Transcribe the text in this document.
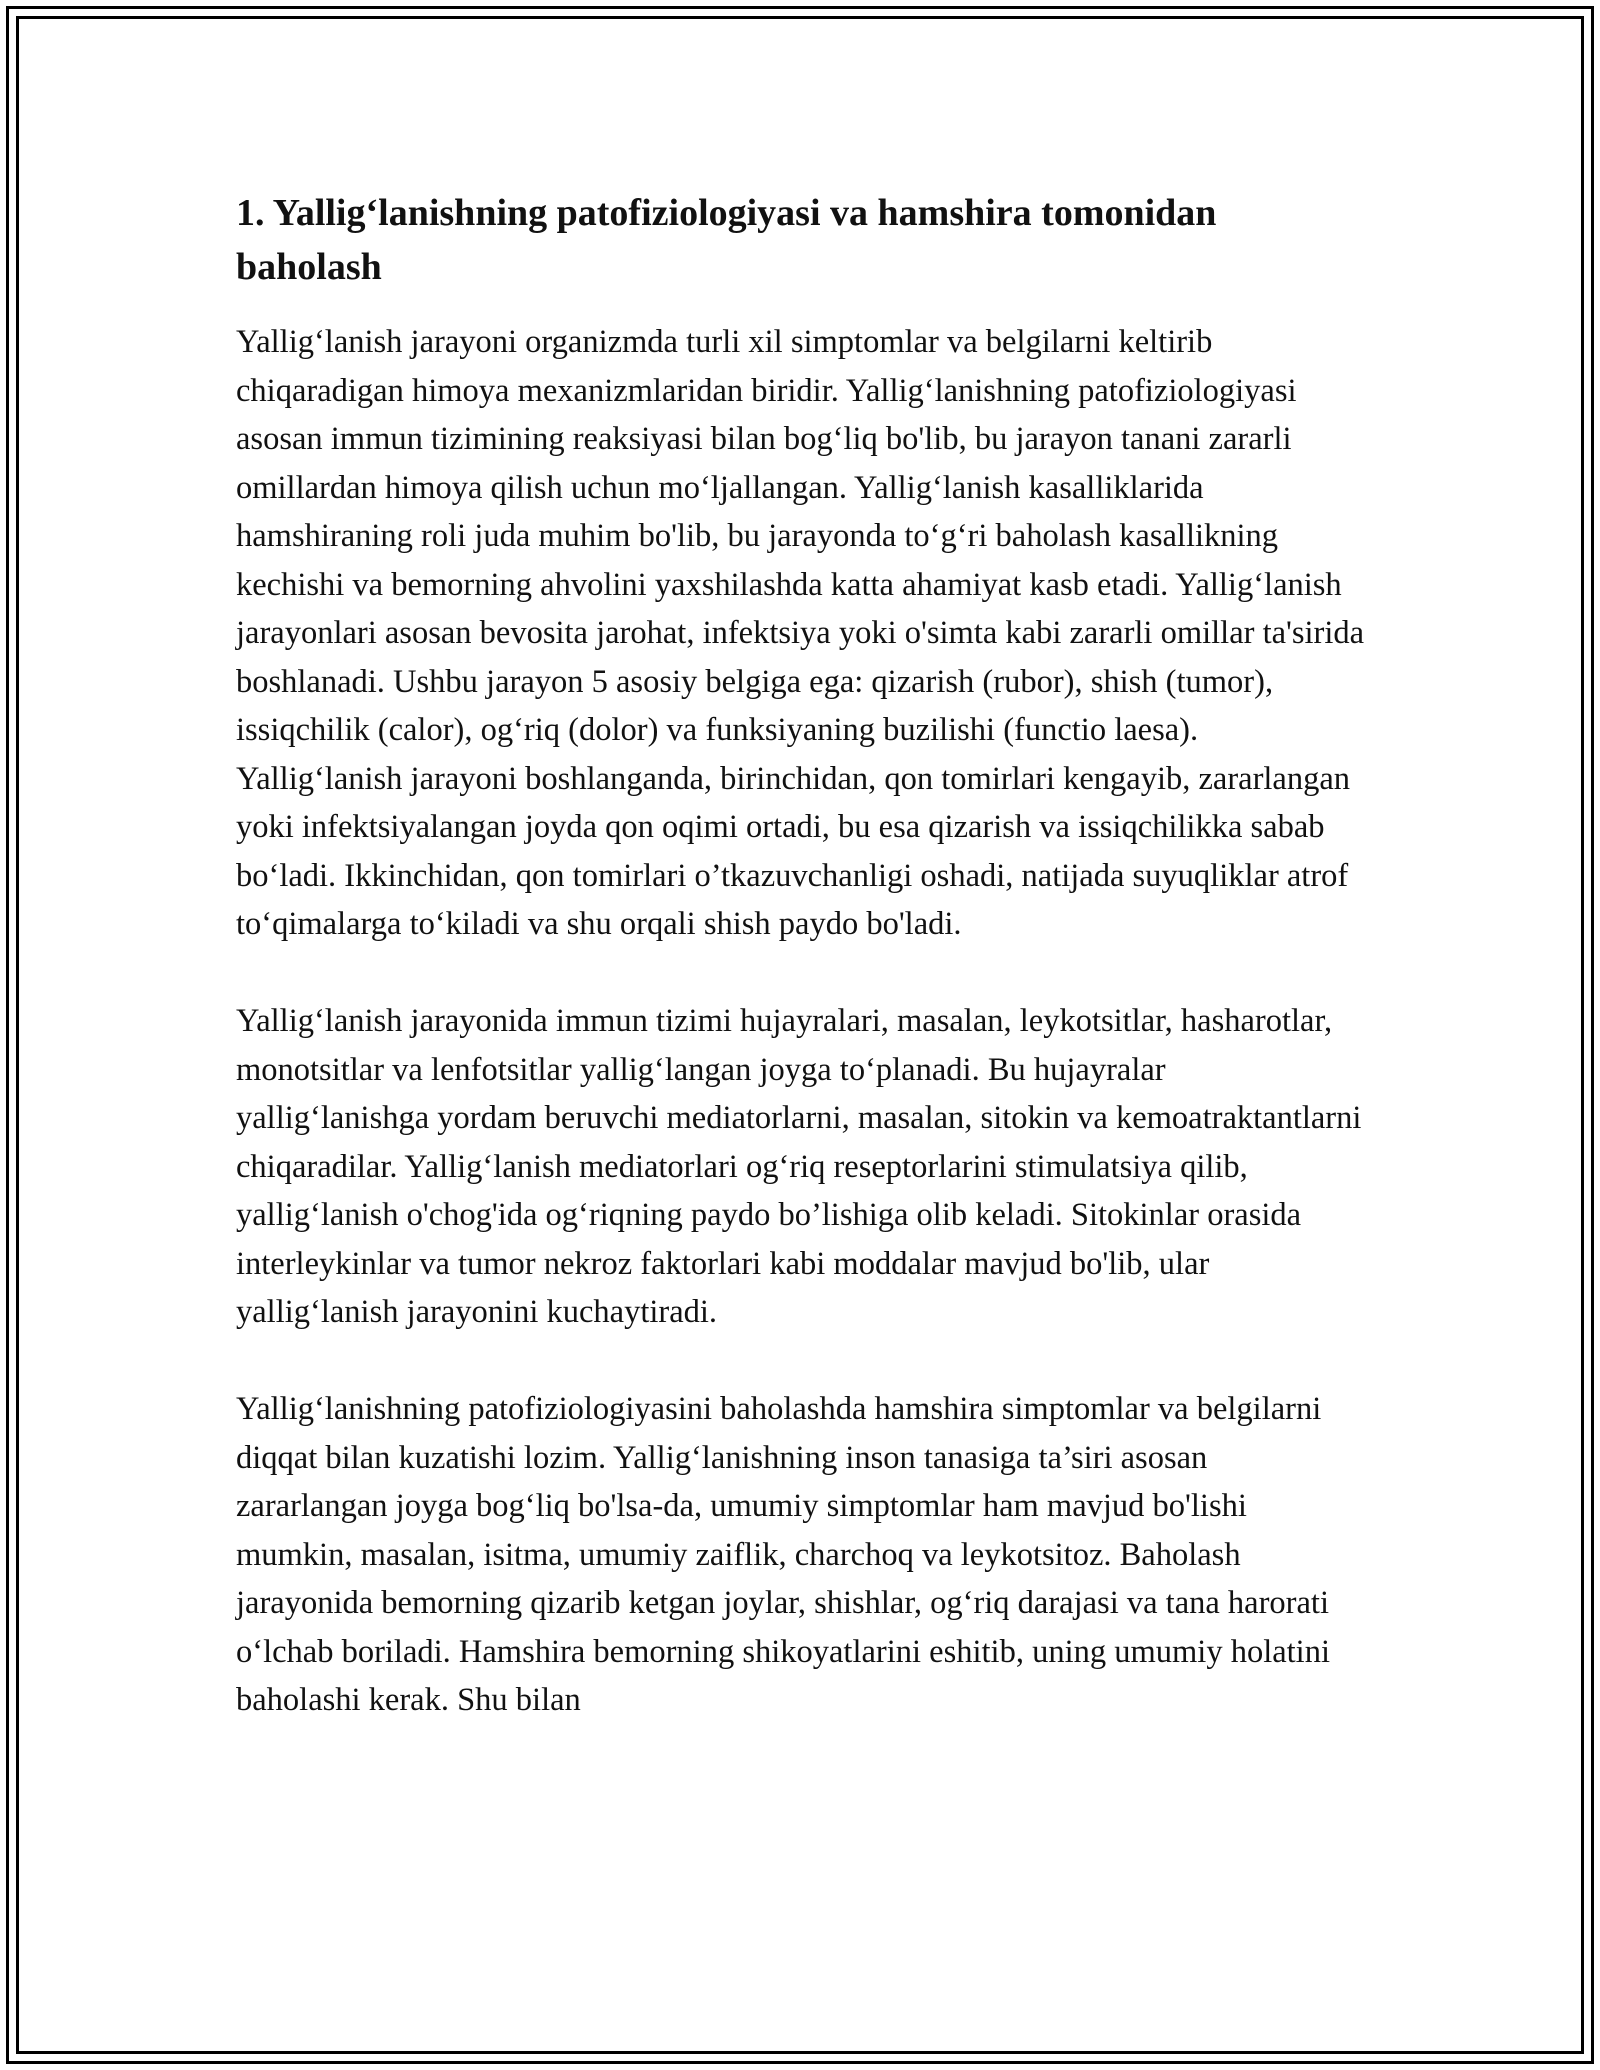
1. Yallig‘lanishning patofiziologiyasi va hamshira tomonidan baholash

Yallig‘lanish jarayoni organizmda turli xil simptomlar va belgilarni keltirib chiqaradigan himoya mexanizmlaridan biridir. Yallig‘lanishning patofiziologiyasi asosan immun tizimining reaksiyasi bilan bog‘liq bo'lib, bu jarayon tanani zararli omillardan himoya qilish uchun mo‘ljallangan. Yallig‘lanish kasalliklarida hamshiraning roli juda muhim bo'lib, bu jarayonda to‘g‘ri baholash kasallikning kechishi va bemorning ahvolini yaxshilashda katta ahamiyat kasb etadi. Yallig‘lanish jarayonlari asosan bevosita jarohat, infektsiya yoki o'simta kabi zararli omillar ta'sirida boshlanadi. Ushbu jarayon 5 asosiy belgiga ega: qizarish (rubor), shish (tumor), issiqchilik (calor), og‘riq (dolor) va funksiyaning buzilishi (functio laesa). Yallig‘lanish jarayoni boshlanganda, birinchidan, qon tomirlari kengayib, zararlangan yoki infektsiyalangan joyda qon oqimi ortadi, bu esa qizarish va issiqchilikka sabab bo‘ladi. Ikkinchidan, qon tomirlari o’tkazuvchanligi oshadi, natijada suyuqliklar atrof to‘qimalarga to‘kiladi va shu orqali shish paydo bo'ladi.

Yallig‘lanish jarayonida immun tizimi hujayralari, masalan, leykotsitlar, hasharotlar, monotsitlar va lenfotsitlar yallig‘langan joyga to‘planadi. Bu hujayralar yallig‘lanishga yordam beruvchi mediatorlarni, masalan, sitokin va kemoatraktantlarni chiqaradilar. Yallig‘lanish mediatorlari og‘riq reseptorlarini stimulatsiya qilib, yallig‘lanish o'chog'ida og‘riqning paydo bo’lishiga olib keladi. Sitokinlar orasida interleykinlar va tumor nekroz faktorlari kabi moddalar mavjud bo'lib, ular yallig‘lanish jarayonini kuchaytiradi.

Yallig‘lanishning patofiziologiyasini baholashda hamshira simptomlar va belgilarni diqqat bilan kuzatishi lozim. Yallig‘lanishning inson tanasiga ta’siri asosan zararlangan joyga bog‘liq bo'lsa-da, umumiy simptomlar ham mavjud bo'lishi mumkin, masalan, isitma, umumiy zaiflik, charchoq va leykotsitoz. Baholash jarayonida bemorning qizarib ketgan joylar, shishlar, og‘riq darajasi va tana harorati o‘lchab boriladi. Hamshira bemorning shikoyatlarini eshitib, uning umumiy holatini baholashi kerak. Shu bilan
